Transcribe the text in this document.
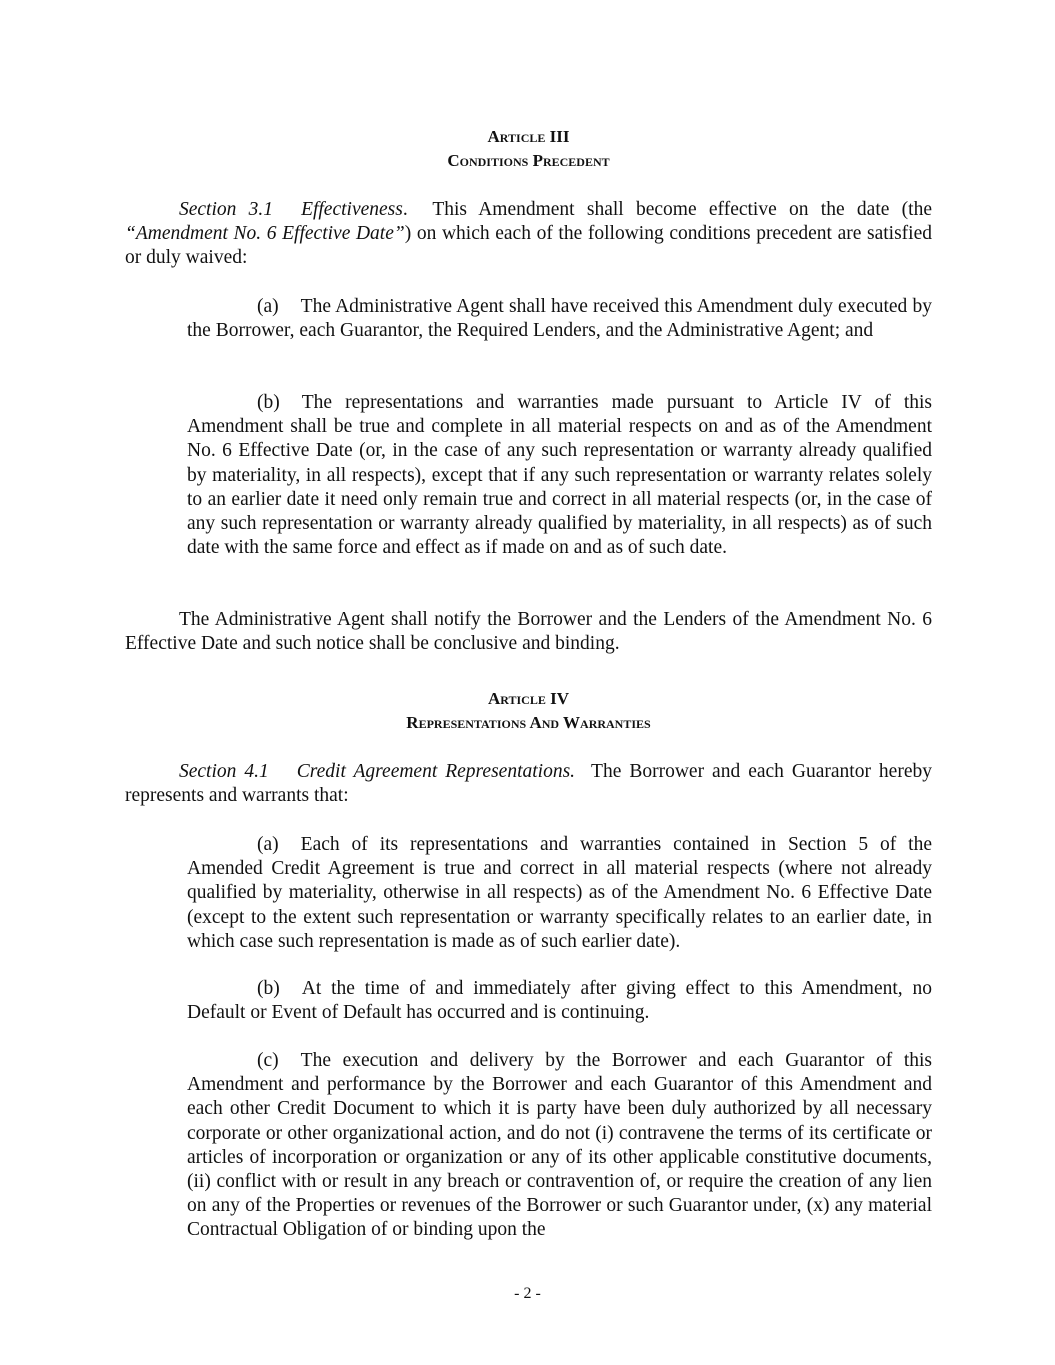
Article III
Conditions Precedent

Section 3.1 Effectiveness. This Amendment shall become effective on the date (the “Amendment No. 6 Effective Date”) on which each of the following conditions precedent are satisfied or duly waived:

(a) The Administrative Agent shall have received this Amendment duly executed by the Borrower, each Guarantor, the Required Lenders, and the Administrative Agent; and

(b) The representations and warranties made pursuant to Article IV of this Amendment shall be true and complete in all material respects on and as of the Amendment No. 6 Effective Date (or, in the case of any such representation or warranty already qualified by materiality, in all respects), except that if any such representation or warranty relates solely to an earlier date it need only remain true and correct in all material respects (or, in the case of any such representation or warranty already qualified by materiality, in all respects) as of such date with the same force and effect as if made on and as of such date.

The Administrative Agent shall notify the Borrower and the Lenders of the Amendment No. 6 Effective Date and such notice shall be conclusive and binding.

Article IV
Representations And Warranties

Section 4.1 Credit Agreement Representations. The Borrower and each Guarantor hereby represents and warrants that:

(a) Each of its representations and warranties contained in Section 5 of the Amended Credit Agreement is true and correct in all material respects (where not already qualified by materiality, otherwise in all respects) as of the Amendment No. 6 Effective Date (except to the extent such representation or warranty specifically relates to an earlier date, in which case such representation is made as of such earlier date).

(b) At the time of and immediately after giving effect to this Amendment, no Default or Event of Default has occurred and is continuing.

(c) The execution and delivery by the Borrower and each Guarantor of this Amendment and performance by the Borrower and each Guarantor of this Amendment and each other Credit Document to which it is party have been duly authorized by all necessary corporate or other organizational action, and do not (i) contravene the terms of its certificate or articles of incorporation or organization or any of its other applicable constitutive documents, (ii) conflict with or result in any breach or contravention of, or require the creation of any lien on any of the Properties or revenues of the Borrower or such Guarantor under, (x) any material Contractual Obligation of or binding upon the

- 2 -
